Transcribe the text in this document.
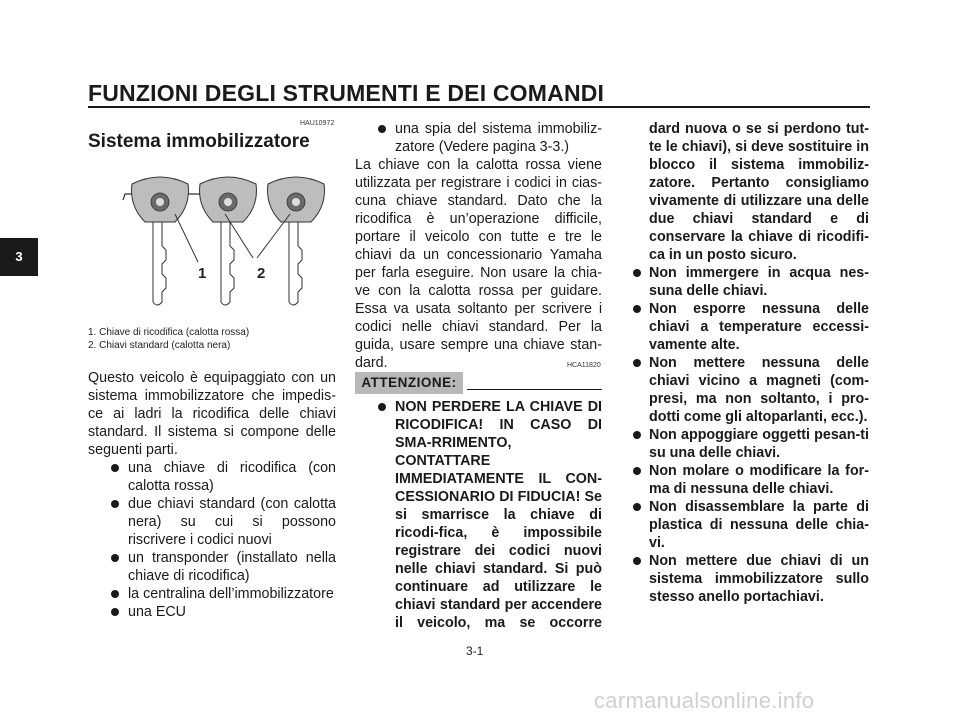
FUNZIONI DEGLI STRUMENTI E DEI COMANDI
3
HAU10972
Sistema immobilizzatore
1	2
1. Chiave di ricodifica (calotta rossa)
2. Chiavi standard (calotta nera)
Questo veicolo è equipaggiato con un sistema immobilizzatore che impedis-ce ai ladri la ricodifica delle chiavi standard. Il sistema si compone delle seguenti parti.
una chiave di ricodifica (con calotta rossa)
due chiavi standard (con calotta nera) su cui si possono riscrivere i codici nuovi
un transponder (installato nella chiave di ricodifica)
la centralina dell’immobilizzatore
una ECU
una spia del sistema immobiliz-zatore (Vedere pagina 3-3.)
La chiave con la calotta rossa viene utilizzata per registrare i codici in cias-cuna chiave standard. Dato che la ricodifica è un’operazione difficile, portare il veicolo con tutte e tre le chiavi da un concessionario Yamaha per farla eseguire. Non usare la chia-ve con la calotta rossa per guidare. Essa va usata soltanto per scrivere i codici nelle chiavi standard. Per la guida, usare sempre una chiave stan-dard.	HCA11820
ATTENZIONE:
NON PERDERE LA CHIAVE DI RICODIFICA! IN CASO DI SMA-RRIMENTO, CONTATTARE IMMEDIATAMENTE IL CON-CESSIONARIO DI FIDUCIA! Se si smarrisce la chiave di ricodi-fica, è impossibile registrare dei codici nuovi nelle chiavi standard. Si può continuare ad utilizzare le chiavi standard per accendere il veicolo, ma se occorre
dard nuova o se si perdono tut-te le chiavi), si deve sostituire in blocco il sistema immobiliz-zatore. Pertanto consigliamo vivamente di utilizzare una delle due chiavi standard e di conservare la chiave di ricodifi-ca in un posto sicuro.
Non immergere in acqua nes-suna delle chiavi.
Non esporre nessuna delle chiavi a temperature eccessi-vamente alte.
Non mettere nessuna delle chiavi vicino a magneti (com-presi, ma non soltanto, i pro-dotti come gli altoparlanti, ecc.).
Non appoggiare oggetti pesan-ti su una delle chiavi.
Non molare o modificare la for-ma di nessuna delle chiavi.
Non disassemblare la parte di plastica di nessuna delle chia-vi.
Non mettere due chiavi di un sistema immobilizzatore sullo stesso anello portachiavi.
3-1
carmanualsonline.info
